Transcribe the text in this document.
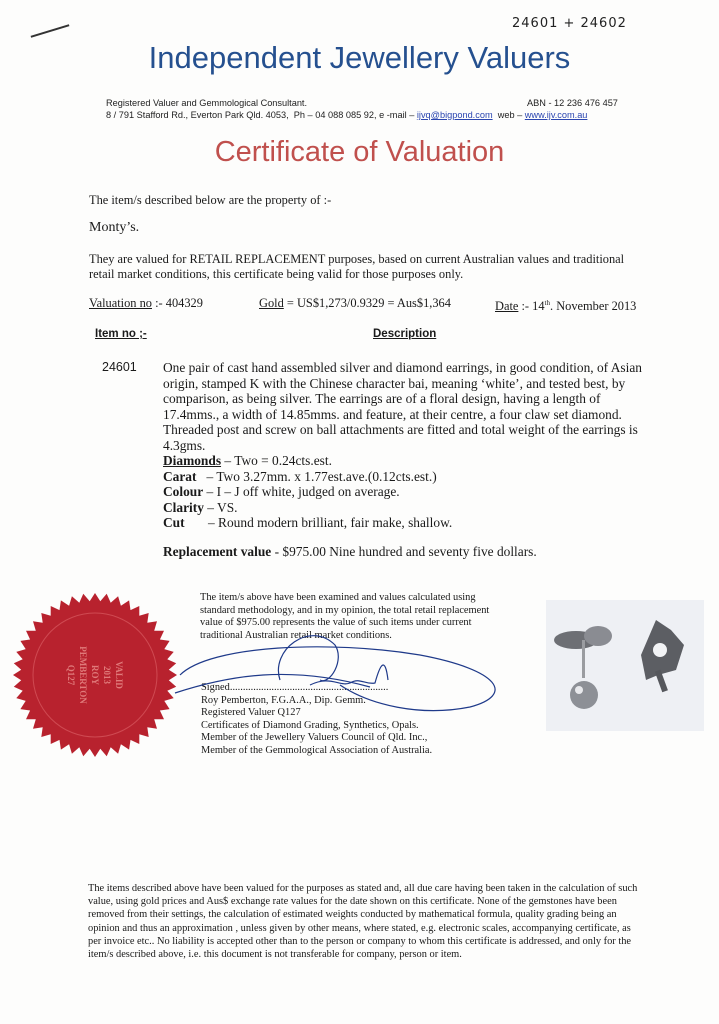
24601 + 24602
Independent Jewellery Valuers
Registered Valuer and Gemmological Consultant.	ABN - 12 236 476 457
8 / 791 Stafford Rd., Everton Park Qld. 4053,  Ph – 04 088 085 92, e -mail – ijvq@bigpond.com  web – www.ijv.com.au
Certificate of Valuation
The item/s described below are the property of :-
Monty’s.
They are valued for RETAIL REPLACEMENT purposes, based on current Australian values and traditional retail market conditions, this certificate being valid for those purposes only.
Valuation no :- 404329	Gold = US$1,273/0.9329 = Aus$1,364	Date :- 14th. November 2013
Item no ;-	Description
24601 One pair of cast hand assembled silver and diamond earrings, in good condition, of Asian origin, stamped K with the Chinese character bai, meaning ‘white’, and tested best, by comparison, as being silver. The earrings are of a floral design, having a length of 17.4mms., a width of 14.85mms. and feature, at their centre, a four claw set diamond. Threaded post and screw on ball attachments are fitted and total weight of the earrings is 4.3gms.
Diamonds – Two = 0.24cts.est.
Carat   – Two 3.27mm. x 1.77est.ave.(0.12cts.est.)
Colour – I – J off white, judged on average.
Clarity – VS.
Cut       – Round modern brilliant, fair make, shallow.
Replacement value - $975.00 Nine hundred and seventy five dollars.
VALID
2013
ROY
PEMBERTON
Q127
The item/s above have been examined and values calculated using standard methodology, and in my opinion, the total retail replacement value of $975.00 represents the value of such items under current traditional Australian retail market conditions.
Signed.............................................................
Roy Pemberton, F.G.A.A., Dip. Gemm.
Registered Valuer Q127
Certificates of Diamond Grading, Synthetics, Opals.
Member of the Jewellery Valuers Council of Qld. Inc.,
Member of the Gemmological Association of Australia.
The items described above have been valued for the purposes as stated and, all due care having been taken in the calculation of such value, using gold prices and Aus$ exchange rate values for the date shown on this certificate. None of the gemstones have been removed from their settings, the calculation of estimated weights conducted by mathematical formula, quality grading being an opinion and thus an approximation , unless given by other means, where stated, e.g. electronic scales, accompanying certificate, as per invoice etc.. No liability is accepted other than to the person or company to whom this certificate is addressed, and only for the item/s described above, i.e. this document is not transferable for company, person or item.
